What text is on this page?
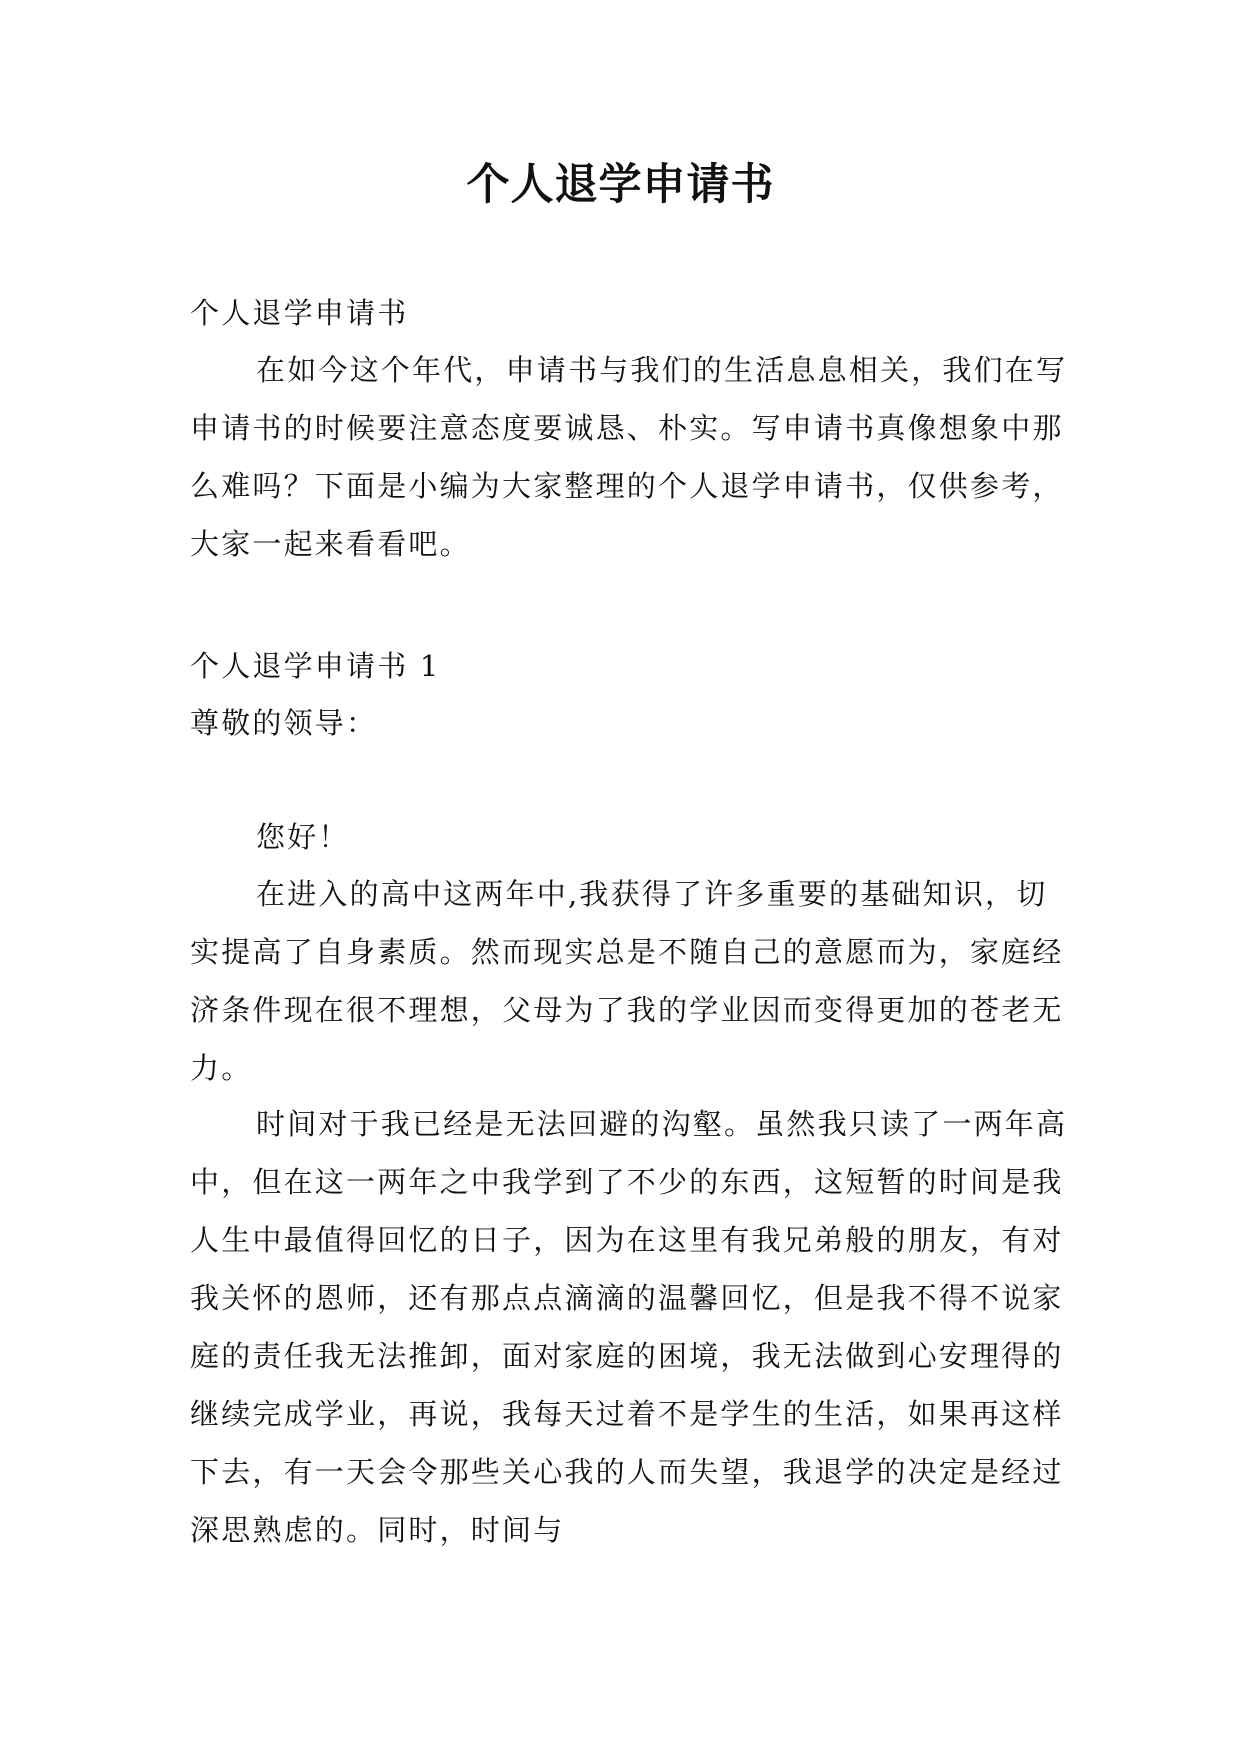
个人退学申请书

个人退学申请书

在如今这个年代，申请书与我们的生活息息相关，我们在写申请书的时候要注意态度要诚恳、朴实。写申请书真像想象中那么难吗？下面是小编为大家整理的个人退学申请书，仅供参考，大家一起来看看吧。

个人退学申请书 1

尊敬的领导：

您好！

在进入的高中这两年中,我获得了许多重要的基础知识，切实提高了自身素质。然而现实总是不随自己的意愿而为，家庭经济条件现在很不理想，父母为了我的学业因而变得更加的苍老无力。

时间对于我已经是无法回避的沟壑。虽然我只读了一两年高中，但在这一两年之中我学到了不少的东西，这短暂的时间是我人生中最值得回忆的日子，因为在这里有我兄弟般的朋友，有对我关怀的恩师，还有那点点滴滴的温馨回忆，但是我不得不说家庭的责任我无法推卸，面对家庭的困境，我无法做到心安理得的继续完成学业，再说，我每天过着不是学生的生活，如果再这样下去，有一天会令那些关心我的人而失望，我退学的决定是经过深思熟虑的。同时，时间与
